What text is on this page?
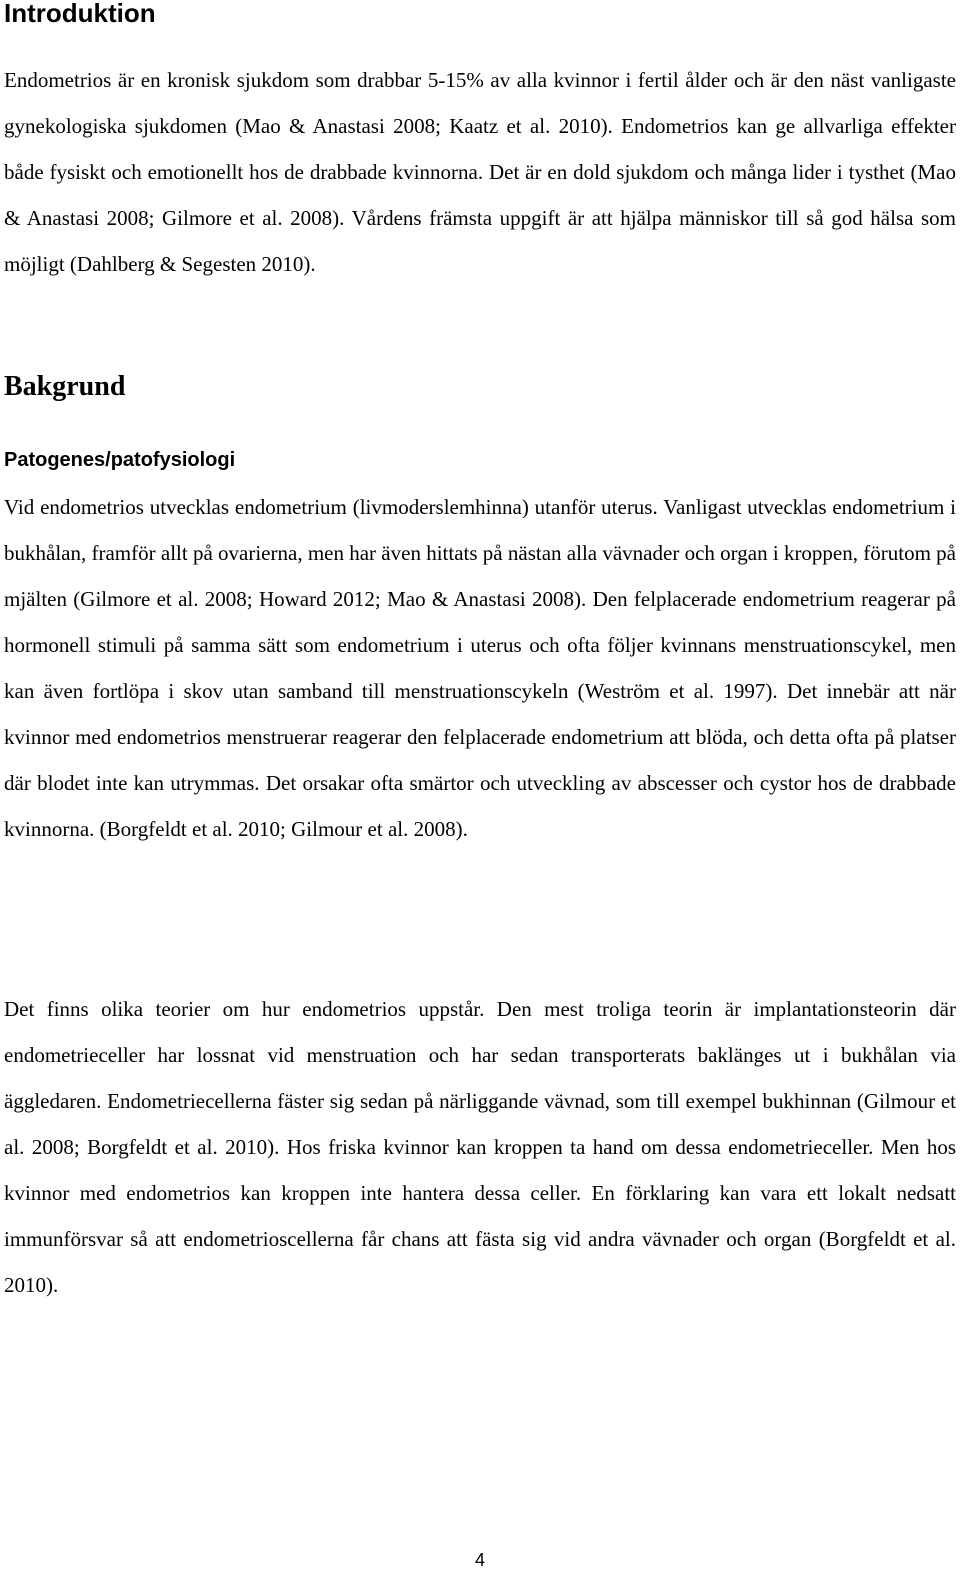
Introduktion

Endometrios är en kronisk sjukdom som drabbar 5-15% av alla kvinnor i fertil ålder och är den näst vanligaste gynekologiska sjukdomen (Mao & Anastasi 2008; Kaatz et al. 2010). Endometrios kan ge allvarliga effekter både fysiskt och emotionellt hos de drabbade kvinnorna. Det är en dold sjukdom och många lider i tysthet (Mao & Anastasi 2008; Gilmore et al. 2008). Vårdens främsta uppgift är att hjälpa människor till så god hälsa som möjligt (Dahlberg & Segesten 2010).

Bakgrund
Patogenes/patofysiologi

Vid endometrios utvecklas endometrium (livmoderslemhinna) utanför uterus. Vanligast utvecklas endometrium i bukhålan, framför allt på ovarierna, men har även hittats på nästan alla vävnader och organ i kroppen, förutom på mjälten (Gilmore et al. 2008; Howard 2012; Mao & Anastasi 2008). Den felplacerade endometrium reagerar på hormonell stimuli på samma sätt som endometrium i uterus och ofta följer kvinnans menstruationscykel, men kan även fortlöpa i skov utan samband till menstruationscykeln (Weström et al. 1997). Det innebär att när kvinnor med endometrios menstruerar reagerar den felplacerade endometrium att blöda, och detta ofta på platser där blodet inte kan utrymmas. Det orsakar ofta smärtor och utveckling av abscesser och cystor hos de drabbade kvinnorna. (Borgfeldt et al. 2010; Gilmour et al. 2008).

Det finns olika teorier om hur endometrios uppstår. Den mest troliga teorin är implantationsteorin där endometrieceller har lossnat vid menstruation och har sedan transporterats baklänges ut i bukhålan via äggledaren. Endometriecellerna fäster sig sedan på närliggande vävnad, som till exempel bukhinnan (Gilmour et al. 2008; Borgfeldt et al. 2010). Hos friska kvinnor kan kroppen ta hand om dessa endometrieceller. Men hos kvinnor med endometrios kan kroppen inte hantera dessa celler. En förklaring kan vara ett lokalt nedsatt immunförsvar så att endometrioscellerna får chans att fästa sig vid andra vävnader och organ (Borgfeldt et al. 2010).

4
